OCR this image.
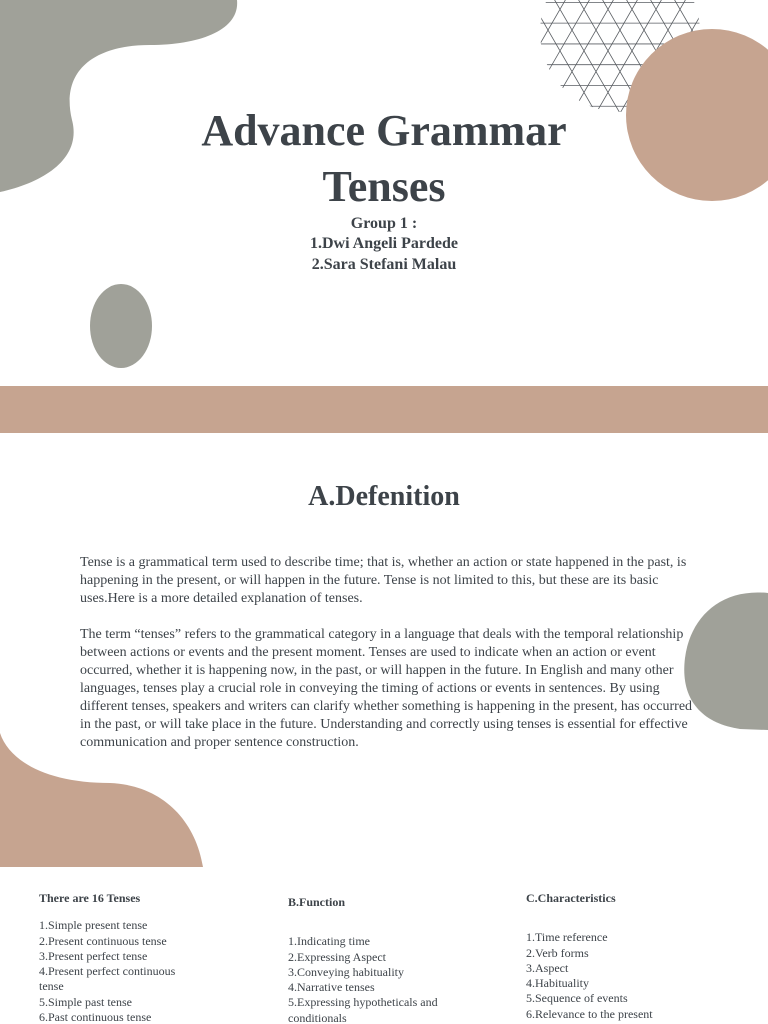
Advance Grammar
Tenses
Group 1 :
1.Dwi Angeli Pardede
2.Sara Stefani Malau
A.Defenition

Tense is a grammatical term used to describe time; that is, whether an action or state happened in the past, is happening in the present, or will happen in the future. Tense is not limited to this, but these are its basic uses.Here is a more detailed explanation of tenses.

The term “tenses” refers to the grammatical category in a language that deals with the temporal relationship between actions or events and the present moment. Tenses are used to indicate when an action or event occurred, whether it is happening now, in the past, or will happen in the future. In English and many other languages, tenses play a crucial role in conveying the timing of actions or events in sentences. By using different tenses, speakers and writers can clarify whether something is happening in the present, has occurred in the past, or will take place in the future. Understanding and correctly using tenses is essential for effective communication and proper sentence construction.

There are 16 Tenses
1.Simple present tense
2.Present continuous tense
3.Present perfect tense
4.Present perfect continuous tense
5.Simple past tense
6.Past continuous tense
B.Function
1.Indicating time
2.Expressing Aspect
3.Conveying habituality
4.Narrative tenses
5.Expressing hypotheticals and conditionals
C.Characteristics
1.Time reference
2.Verb forms
3.Aspect
4.Habituality
5.Sequence of events
6.Relevance to the present
